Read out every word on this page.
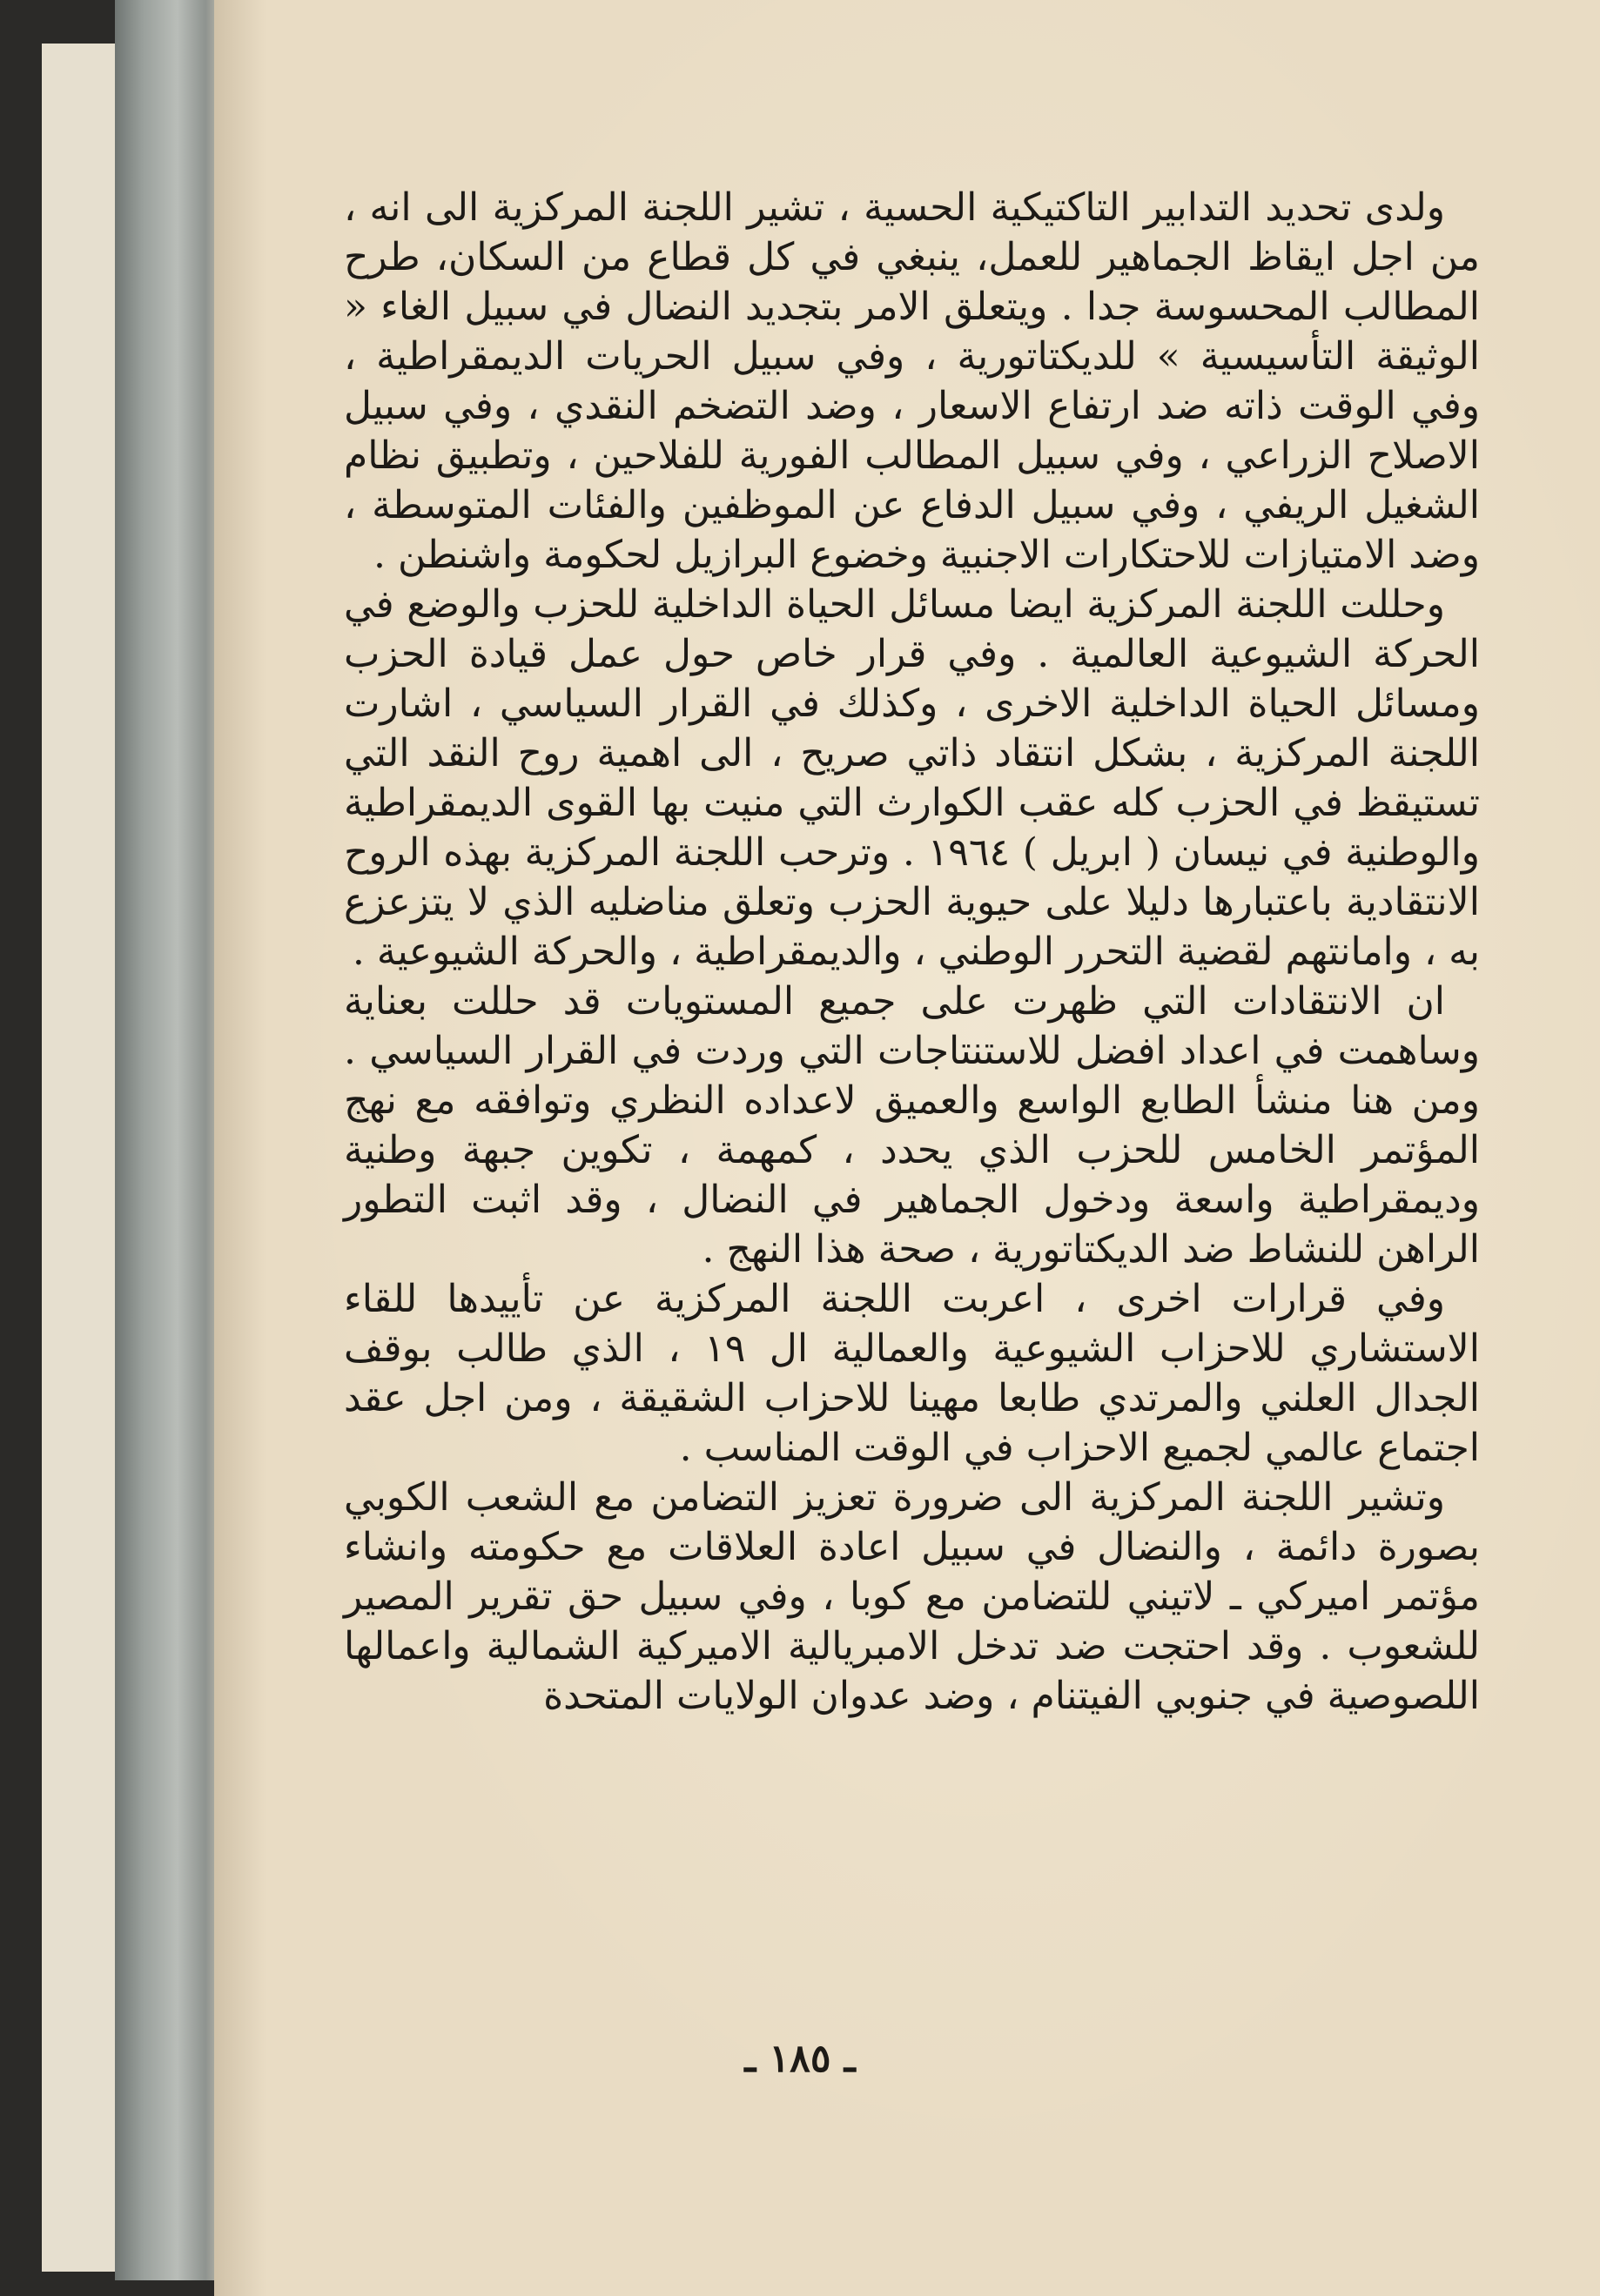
ولدى تحديد التدابير التاكتيكية الحسية ، تشير اللجنة المركزية الى انه ، من اجل ايقاظ الجماهير للعمل، ينبغي في كل قطاع من السكان، طرح المطالب المحسوسة جدا . ويتعلق الامر بتجديد النضال في سبيل الغاء « الوثيقة التأسيسية » للديكتاتورية ، وفي سبيل الحريات الديمقراطية ، وفي الوقت ذاته ضد ارتفاع الاسعار ، وضد التضخم النقدي ، وفي سبيل الاصلاح الزراعي ، وفي سبيل المطالب الفورية للفلاحين ، وتطبيق نظام الشغيل الريفي ، وفي سبيل الدفاع عن الموظفين والفئات المتوسطة ، وضد الامتيازات للاحتكارات الاجنبية وخضوع البرازيل لحكومة واشنطن .

وحللت اللجنة المركزية ايضا مسائل الحياة الداخلية للحزب والوضع في الحركة الشيوعية العالمية . وفي قرار خاص حول عمل قيادة الحزب ومسائل الحياة الداخلية الاخرى ، وكذلك في القرار السياسي ، اشارت اللجنة المركزية ، بشكل انتقاد ذاتي صريح ، الى اهمية روح النقد التي تستيقظ في الحزب كله عقب الكوارث التي منيت بها القوى الديمقراطية والوطنية في نيسان ( ابريل ) ١٩٦٤ . وترحب اللجنة المركزية بهذه الروح الانتقادية باعتبارها دليلا على حيوية الحزب وتعلق مناضليه الذي لا يتزعزع به ، وامانتهم لقضية التحرر الوطني ، والديمقراطية ، والحركة الشيوعية .

ان الانتقادات التي ظهرت على جميع المستويات قد حللت بعناية وساهمت في اعداد افضل للاستنتاجات التي وردت في القرار السياسي . ومن هنا منشأ الطابع الواسع والعميق لاعداده النظري وتوافقه مع نهج المؤتمر الخامس للحزب الذي يحدد ، كمهمة ، تكوين جبهة وطنية وديمقراطية واسعة ودخول الجماهير في النضال ، وقد اثبت التطور الراهن للنشاط ضد الديكتاتورية ، صحة هذا النهج .

وفي قرارات اخرى ، اعربت اللجنة المركزية عن تأييدها للقاء الاستشاري للاحزاب الشيوعية والعمالية ال ١٩ ، الذي طالب بوقف الجدال العلني والمرتدي طابعا مهينا للاحزاب الشقيقة ، ومن اجل عقد اجتماع عالمي لجميع الاحزاب في الوقت المناسب .

وتشير اللجنة المركزية الى ضرورة تعزيز التضامن مع الشعب الكوبي بصورة دائمة ، والنضال في سبيل اعادة العلاقات مع حكومته وانشاء مؤتمر اميركي ـ لاتيني للتضامن مع كوبا ، وفي سبيل حق تقرير المصير للشعوب . وقد احتجت ضد تدخل الامبريالية الاميركية الشمالية واعمالها اللصوصية في جنوبي الفيتنام ، وضد عدوان الولايات المتحدة

ـ ١٨٥ ـ
